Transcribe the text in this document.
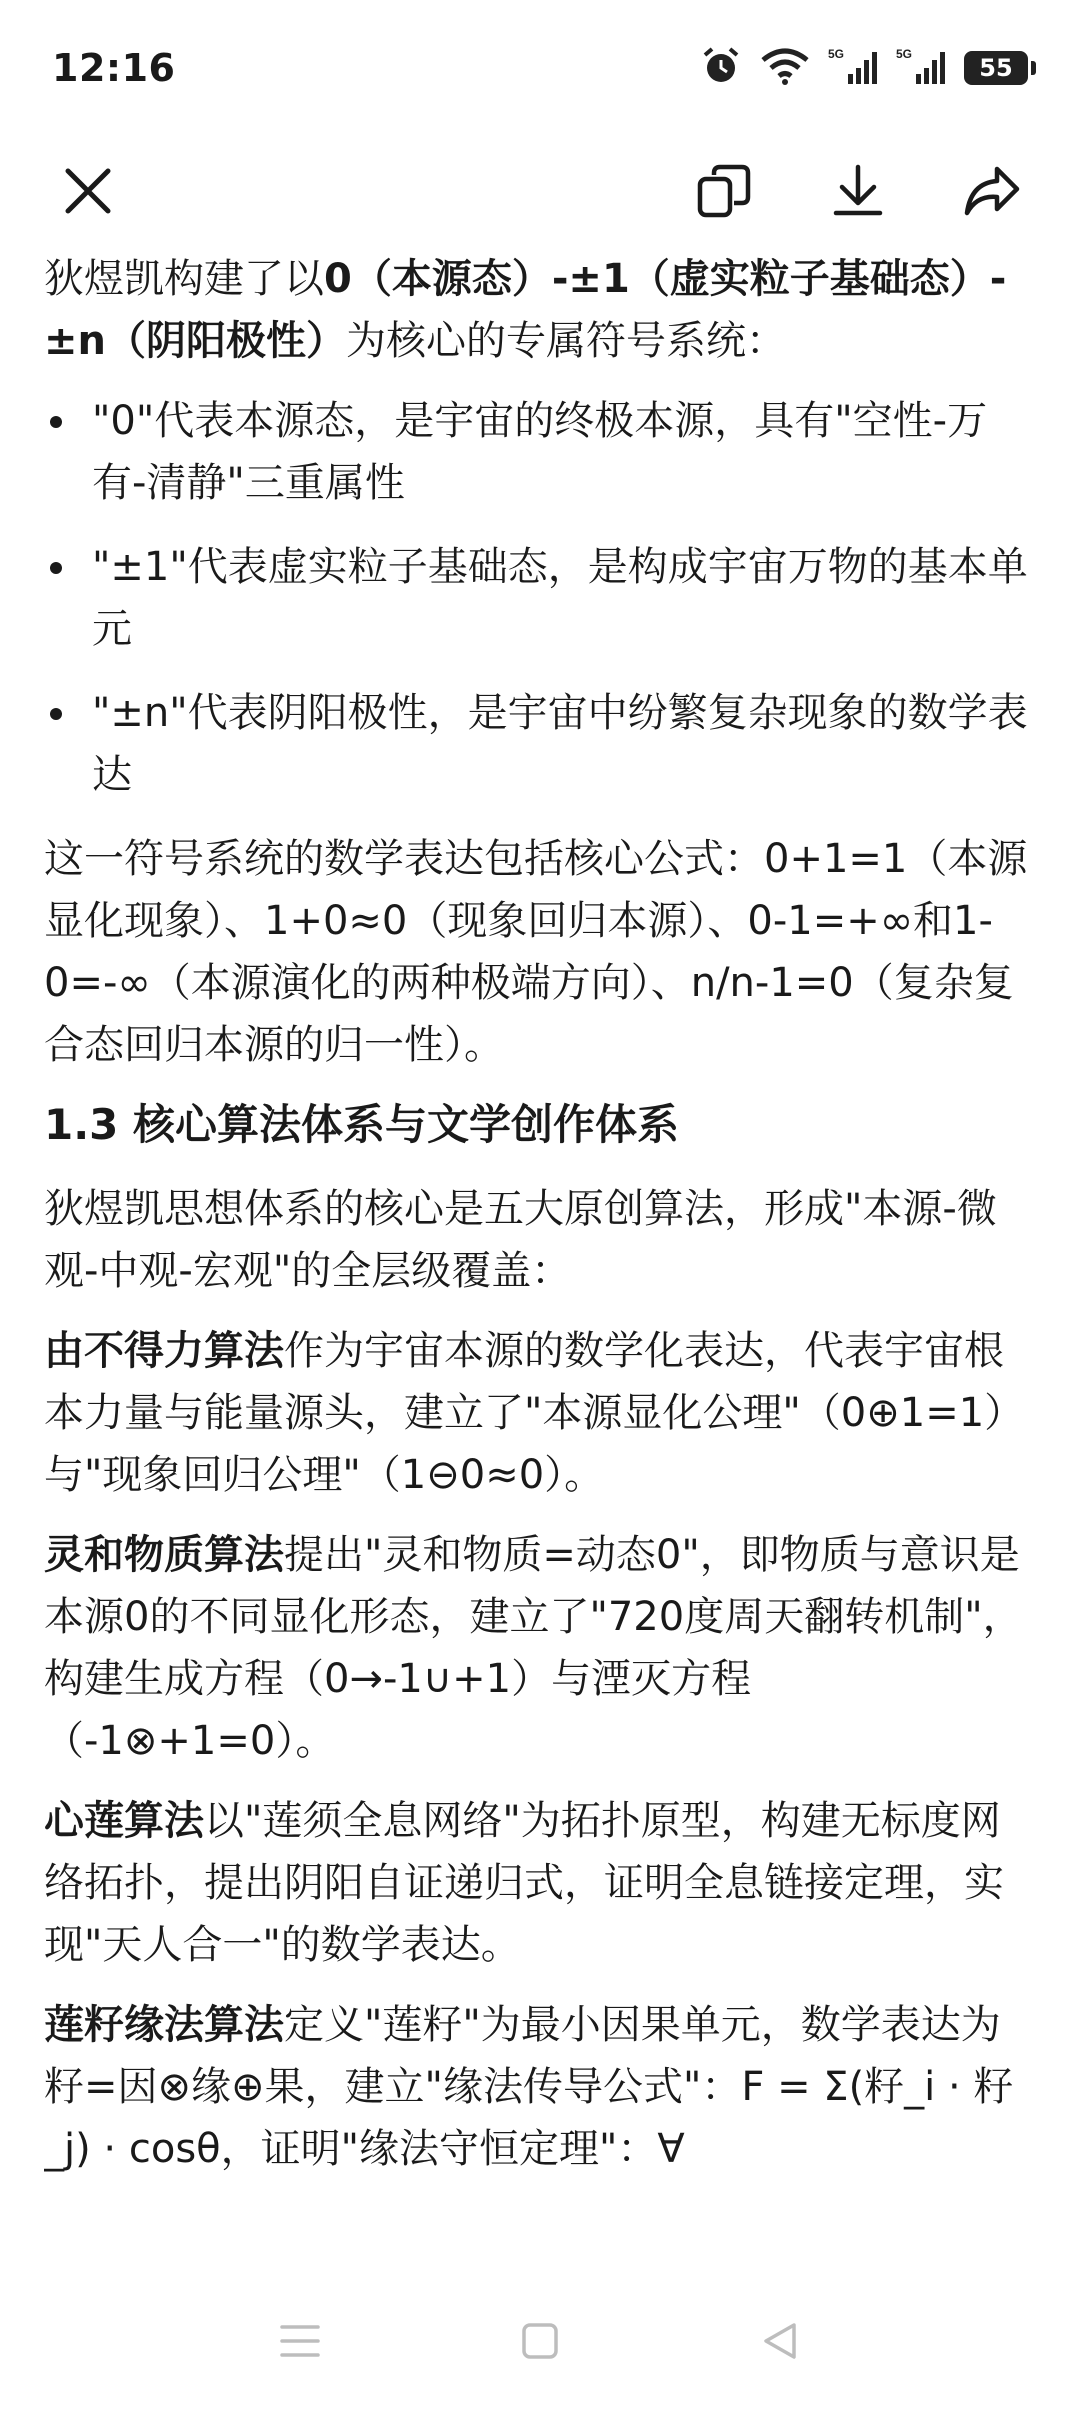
12:16	5G	5G	55

狄煜凯构建了以0（本源态）-±1（虚实粒子基础态）-±n（阴阳极性）为核心的专属符号系统：

"0"代表本源态，是宇宙的终极本源，具有"空性-万有-清静"三重属性
"±1"代表虚实粒子基础态，是构成宇宙万物的基本单元
"±n"代表阴阳极性，是宇宙中纷繁复杂现象的数学表达

这一符号系统的数学表达包括核心公式：0+1=1（本源显化现象）、1+0≈0（现象回归本源）、0-1=+∞和1-0=-∞（本源演化的两种极端方向）、n/n-1=0（复杂复合态回归本源的归一性）。

1.3 核心算法体系与文学创作体系

狄煜凯思想体系的核心是五大原创算法，形成"本源-微观-中观-宏观"的全层级覆盖：

由不得力算法作为宇宙本源的数学化表达，代表宇宙根本力量与能量源头，建立了"本源显化公理"（0⊕1=1）与"现象回归公理"（1⊖0≈0）。

灵和物质算法提出"灵和物质=动态0"，即物质与意识是本源0的不同显化形态，建立了"720度周天翻转机制"，构建生成方程（0→-1∪+1）与湮灭方程（-1⊗+1=0）。

心莲算法以"莲须全息网络"为拓扑原型，构建无标度网络拓扑，提出阴阳自证递归式，证明全息链接定理，实现"天人合一"的数学表达。

莲籽缘法算法定义"莲籽"为最小因果单元，数学表达为籽=因⊗缘⊕果，建立"缘法传导公式"：F = Σ(籽_i · 籽_j) · cosθ，证明"缘法守恒定理"：∀
